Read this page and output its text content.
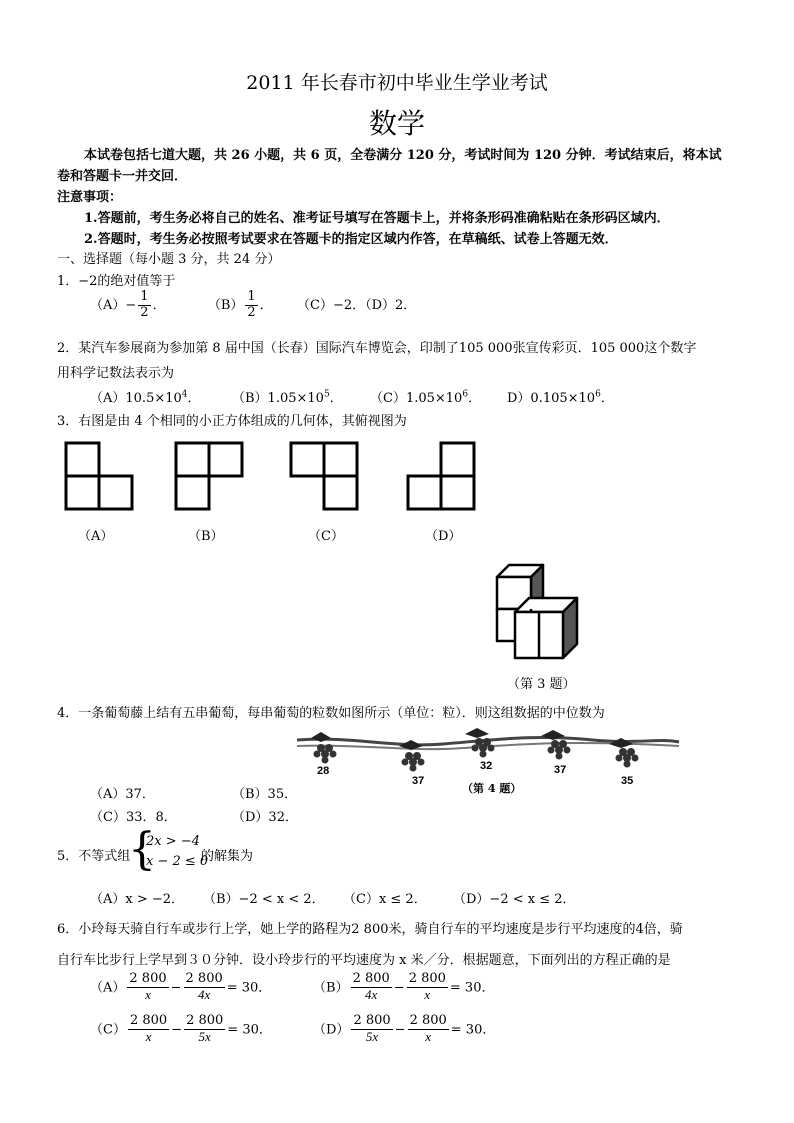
2011 年长春市初中毕业生学业考试
数学
本试卷包括七道大题，共 26 小题，共 6 页，全卷满分 120 分，考试时间为 120 分钟．考试结束后，将本试
卷和答题卡一并交回．
注意事项：
1.答题前，考生务必将自己的姓名、准考证号填写在答题卡上，并将条形码准确粘贴在条形码区域内．
2.答题时，考生务必按照考试要求在答题卡的指定区域内作答，在草稿纸、试卷上答题无效．
一、选择题（每小题 3 分，共 24 分）
1．−2的绝对值等于
$(A)- \frac{1}{2}$ ．	$(B) \frac{1}{2}$ ． （C）−2．（D）2．
2．某汽车参展商为参加第 8 届中国（长春）国际汽车博览会，印制了105 000张宣传彩页．105 000这个数字
用科学记数法表示为
$(A)10.5\times 10^4$． $(B)1.05\times 10^5$． $(C)1.05\times 10^6$． $D)0.105\times 10^6$．
3．右图是由 4 个相同的小正方体组成的几何体，其俯视图为
（A）	（B）	（C）	（D）
（第 3 题）
4．一条葡萄藤上结有五串葡萄，每串葡萄的粒数如图所示（单位：粒）．则这组数据的中位数为
28
37
32	37
35
（第 4 题）
（A）37．	（B）35．
（C）33．8．	（D）32．
5．不等式组
{
2x > −4
x − 2 ≤ 0
的解集为
（A）x > −2． （B）−2 < x < 2． （C）x ≤ 2． （D）−2 < x ≤ 2．
6．小玲每天骑自行车或步行上学，她上学的路程为2 800米，骑自行车的平均速度是步行平均速度的4倍，骑
自行车比步行上学早到３０分钟．设小玲步行的平均速度为 x 米／分．根据题意，下面列出的方程正确的是
$(A) \frac{2 800}{x} - \frac{2 800}{4x} = 30$．	$(B) \frac{2 800}{4x} - \frac{2 800}{x} = 30$．
$(C) \frac{2 800}{x} - \frac{2 800}{5x} = 30$．	$(D) \frac{2 800}{5x} - \frac{2 800}{x} = 30$．
